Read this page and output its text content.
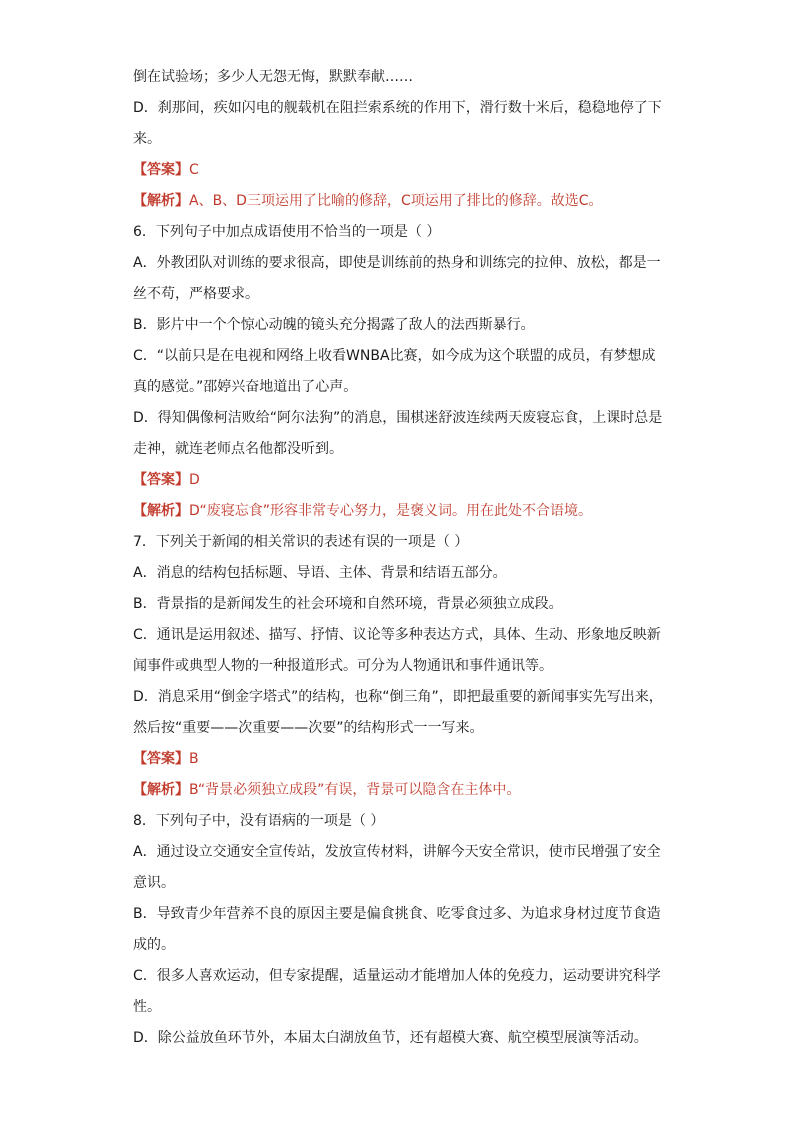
倒在试验场；多少人无怨无悔，默默奉献……
D．刹那间，疾如闪电的舰载机在阻拦索系统的作用下，滑行数十米后，稳稳地停了下
来。
【答案】C
【解析】A、B、D三项运用了比喻的修辞，C项运用了排比的修辞。故选C。
6．下列句子中加点成语使用不恰当的一项是（ ）
A．外教团队对训练的要求很高，即使是训练前的热身和训练完的拉伸、放松，都是一
丝不苟，严格要求。
B．影片中一个个惊心动魄的镜头充分揭露了敌人的法西斯暴行。
C．“以前只是在电视和网络上收看WNBA比赛，如今成为这个联盟的成员，有梦想成
真的感觉。”邵婷兴奋地道出了心声。
D．得知偶像柯洁败给“阿尔法狗”的消息，围棋迷舒波连续两天废寝忘食，上课时总是
走神，就连老师点名他都没听到。
【答案】D
【解析】D“废寝忘食”形容非常专心努力，是褒义词。用在此处不合语境。
7．下列关于新闻的相关常识的表述有误的一项是（ ）
A．消息的结构包括标题、导语、主体、背景和结语五部分。
B．背景指的是新闻发生的社会环境和自然环境，背景必须独立成段。
C．通讯是运用叙述、描写、抒情、议论等多种表达方式，具体、生动、形象地反映新
闻事件或典型人物的一种报道形式。可分为人物通讯和事件通讯等。
D．消息采用“倒金字塔式”的结构，也称“倒三角”，即把最重要的新闻事实先写出来，
然后按“重要——次重要——次要”的结构形式一一写来。
【答案】B
【解析】B“背景必须独立成段”有误，背景可以隐含在主体中。
8．下列句子中，没有语病的一项是（ ）
A．通过设立交通安全宣传站，发放宣传材料，讲解今天安全常识，使市民增强了安全
意识。
B．导致青少年营养不良的原因主要是偏食挑食、吃零食过多、为追求身材过度节食造
成的。
C．很多人喜欢运动，但专家提醒，适量运动才能增加人体的免疫力，运动要讲究科学
性。
D．除公益放鱼环节外，本届太白湖放鱼节，还有超模大赛、航空模型展演等活动。
